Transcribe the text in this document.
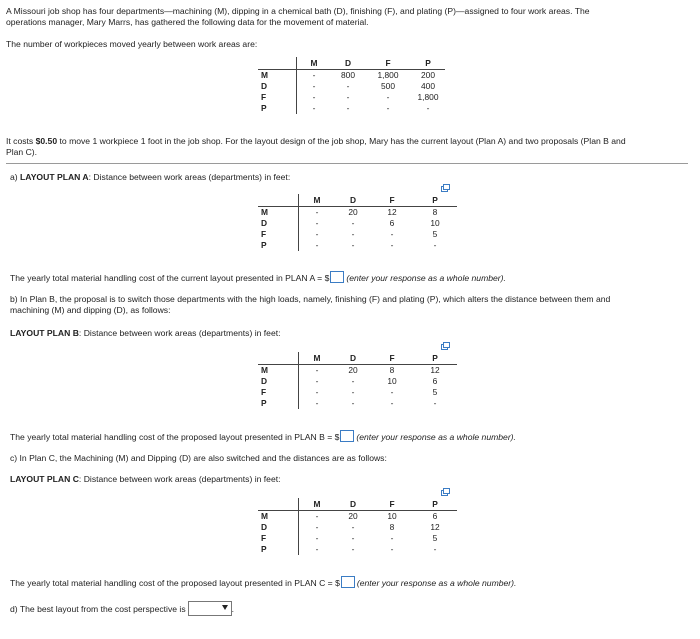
A Missouri job shop has four departments—machining (M), dipping in a chemical bath (D), finishing (F), and plating (P)—assigned to four work areas. The

operations manager, Mary Marrs, has gathered the following data for the movement of material.

The number of workpieces moved yearly between work areas are:

	M	D	F	P
M	-	800	1,800	200
D	-	-	500	400
F	-	-	-	1,800
P	-	-	-	-

It costs $0.50 to move 1 workpiece 1 foot in the job shop. For the layout design of the job shop, Mary has the current layout (Plan A) and two proposals (Plan B and

Plan C).

a) LAYOUT PLAN A: Distance between work areas (departments) in feet:

	M	D	F	P
M	-	20	12	8
D	-	-	6	10
F	-	-	-	5
P	-	-	-	-

The yearly total material handling cost of the current layout presented in PLAN A = $ (enter your response as a whole number).

b) In Plan B, the proposal is to switch those departments with the high loads, namely, finishing (F) and plating (P), which alters the distance between them and

machining (M) and dipping (D), as follows:

LAYOUT PLAN B: Distance between work areas (departments) in feet:

	M	D	F	P
M	-	20	8	12
D	-	-	10	6
F	-	-	-	5
P	-	-	-	-

The yearly total material handling cost of the proposed layout presented in PLAN B = $ (enter your response as a whole number).

c) In Plan C, the Machining (M) and Dipping (D) are also switched and the distances are as follows:

LAYOUT PLAN C: Distance between work areas (departments) in feet:

	M	D	F	P
M	-	20	10	6
D	-	-	8	12
F	-	-	-	5
P	-	-	-	-

The yearly total material handling cost of the proposed layout presented in PLAN C = $ (enter your response as a whole number).

d) The best layout from the cost perspective is	.
